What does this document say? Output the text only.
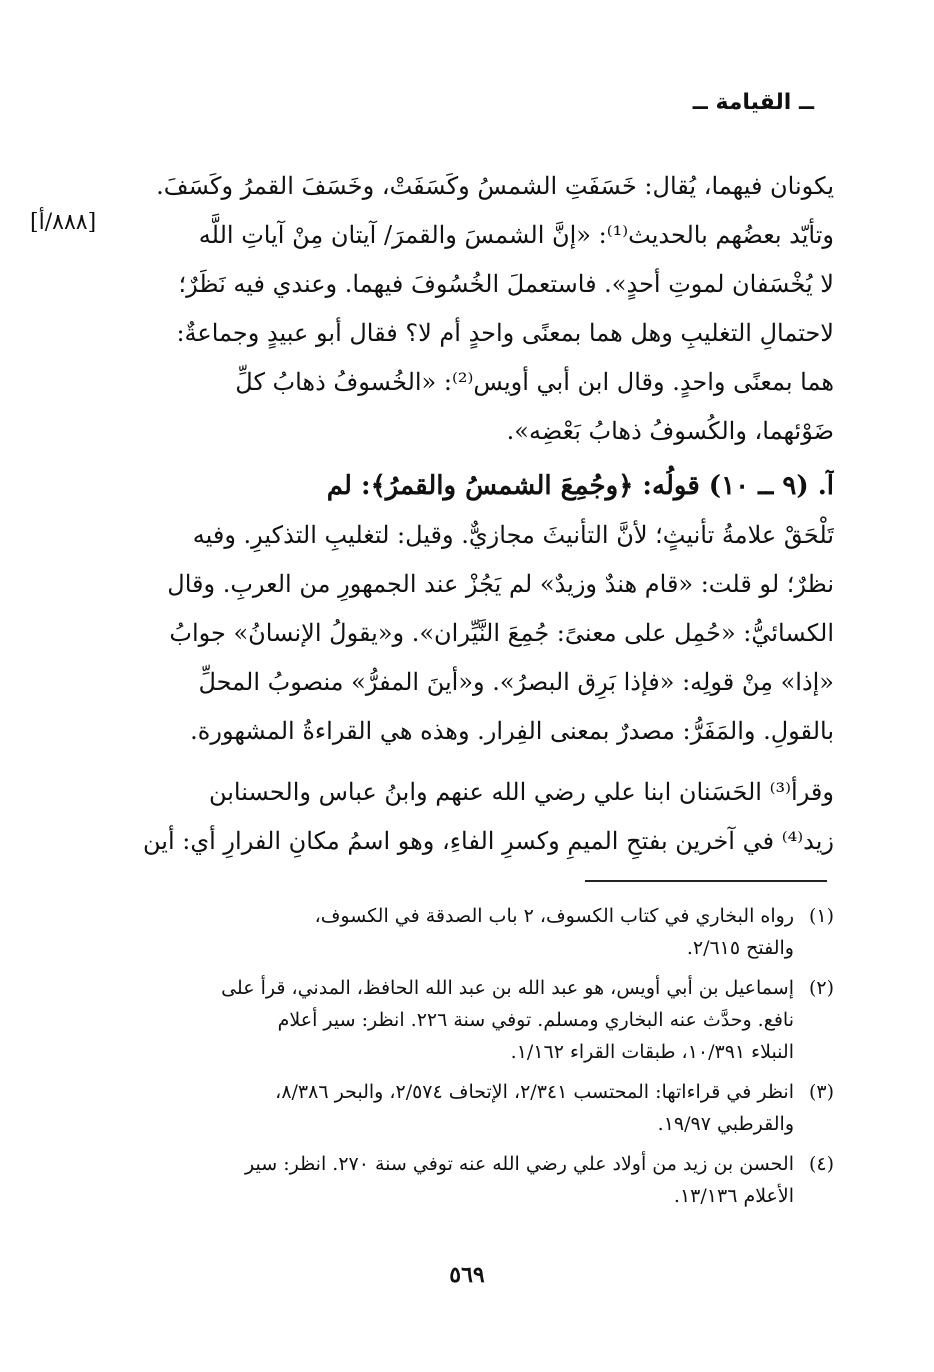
ــ القيامة ــ
[٨٨٨/أ]
يكونان فيهما، يُقال: خَسَفَتِ الشمسُ وكَسَفَتْ، وخَسَفَ القمرُ وكَسَفَ.
وتأيّد بعضُهم بالحديث⁽¹⁾: «إنَّ الشمسَ والقمرَ/ آيتان مِنْ آياتِ اللَّه
لا يُخْسَفان لموتِ أحدٍ». فاستعملَ الخُسُوفَ فيهما. وعندي فيه نَظَرٌ؛
لاحتمالِ التغليبِ وهل هما بمعنًى واحدٍ أم لا؟ فقال أبو عبيدٍ وجماعةٌ:
هما بمعنًى واحدٍ. وقال ابن أبي أويس⁽²⁾: «الخُسوفُ ذهابُ كلِّ
ضَوْئهما، والكُسوفُ ذهابُ بَعْضِه».
آ. (٩ ــ ١٠) قولُه: ﴿وجُمِعَ الشمسُ والقمرُ﴾: لم
تَلْحَقْ علامةُ تأنيثٍ؛ لأنَّ التأنيثَ مجازيٌّ. وقيل: لتغليبِ التذكيرِ. وفيه
نظرٌ؛ لو قلت: «قام هندٌ وزيدٌ» لم يَجُزْ عند الجمهورِ من العربِ. وقال
الكسائيُّ: «حُمِل على معنىً: جُمِعَ النَّيِّران». و«يقولُ الإنسانُ» جوابُ
«إذا» مِنْ قولِه: «فإذا بَرِق البصرُ». و«أينَ المفرُّ» منصوبُ المحلِّ
بالقولِ. والمَفَرُّ: مصدرٌ بمعنى الفِرار. وهذه هي القراءةُ المشهورة.
وقرأ⁽³⁾ الحَسَنان ابنا علي رضي الله عنهم وابنُ عباس والحسنابن
زيد⁽⁴⁾ في آخرين بفتحِ الميمِ وكسرِ الفاءِ، وهو اسمُ مكانِ الفرارِ أي: أين
(١)
رواه البخاري في كتاب الكسوف، ٢ باب الصدقة في الكسوف،
والفتح ٢/٦١٥.
(٢)
إسماعيل بن أبي أويس، هو عبد الله بن عبد الله الحافظ، المدني، قرأ على
نافع. وحدَّث عنه البخاري ومسلم. توفي سنة ٢٢٦. انظر: سير أعلام
النبلاء ١٠/٣٩١، طبقات القراء ١/١٦٢.
(٣)
انظر في قراءاتها: المحتسب ٢/٣٤١، الإتحاف ٢/٥٧٤، والبحر ٨/٣٨٦،
والقرطبي ١٩/٩٧.
(٤)
الحسن بن زيد من أولاد علي رضي الله عنه توفي سنة ٢٧٠. انظر: سير
الأعلام ١٣/١٣٦.
٥٦٩
